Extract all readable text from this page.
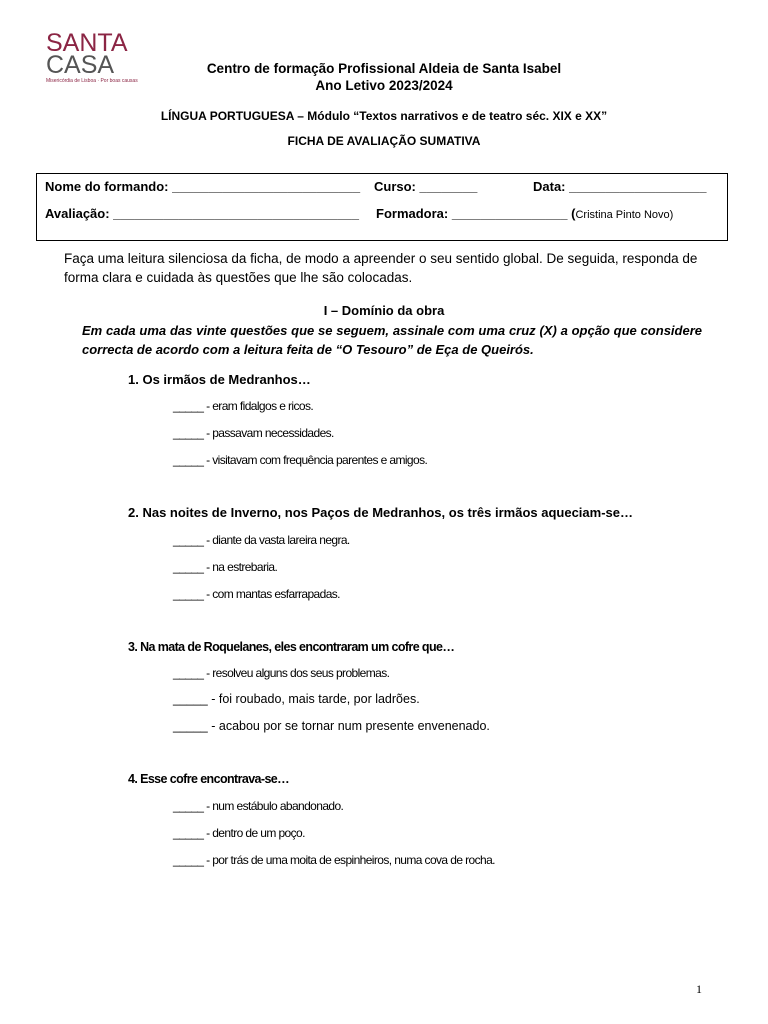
SANTA
CASA
Misericórdia de Lisboa · Por boas causas
Centro de formação Profissional Aldeia de Santa Isabel
Ano Letivo 2023/2024
LÍNGUA PORTUGUESA – Módulo “Textos narrativos e de teatro séc. XIX e XX”
FICHA DE AVALIAÇÃO SUMATIVA
Nome do formando: __________________________ Curso: ________	Data: ___________________
Avaliação: __________________________________ Formadora: ________________ (Cristina Pinto Novo)
Faça uma leitura silenciosa da ficha, de modo a apreender o seu sentido global. De seguida, responda de forma clara e cuidada às questões que lhe são colocadas.
I – Domínio da obra
Em cada uma das vinte questões que se seguem, assinale com uma cruz (X) a opção que considere correcta de acordo com a leitura feita de “O Tesouro” de Eça de Queirós.
1. Os irmãos de Medranhos…
_____ - eram fidalgos e ricos.
_____ - passavam necessidades.
_____ - visitavam com frequência parentes e amigos.
2. Nas noites de Inverno, nos Paços de Medranhos, os três irmãos aqueciam-se…
_____ - diante da vasta lareira negra.
_____ - na estrebaria.
_____ - com mantas esfarrapadas.
3. Na mata de Roquelanes, eles encontraram um cofre que…
_____ - resolveu alguns dos seus problemas.
_____ - foi roubado, mais tarde, por ladrões.
_____ - acabou por se tornar num presente envenenado.
4. Esse cofre encontrava-se…
_____ - num estábulo abandonado.
_____ - dentro de um poço.
_____ - por trás de uma moita de espinheiros, numa cova de rocha.
1
